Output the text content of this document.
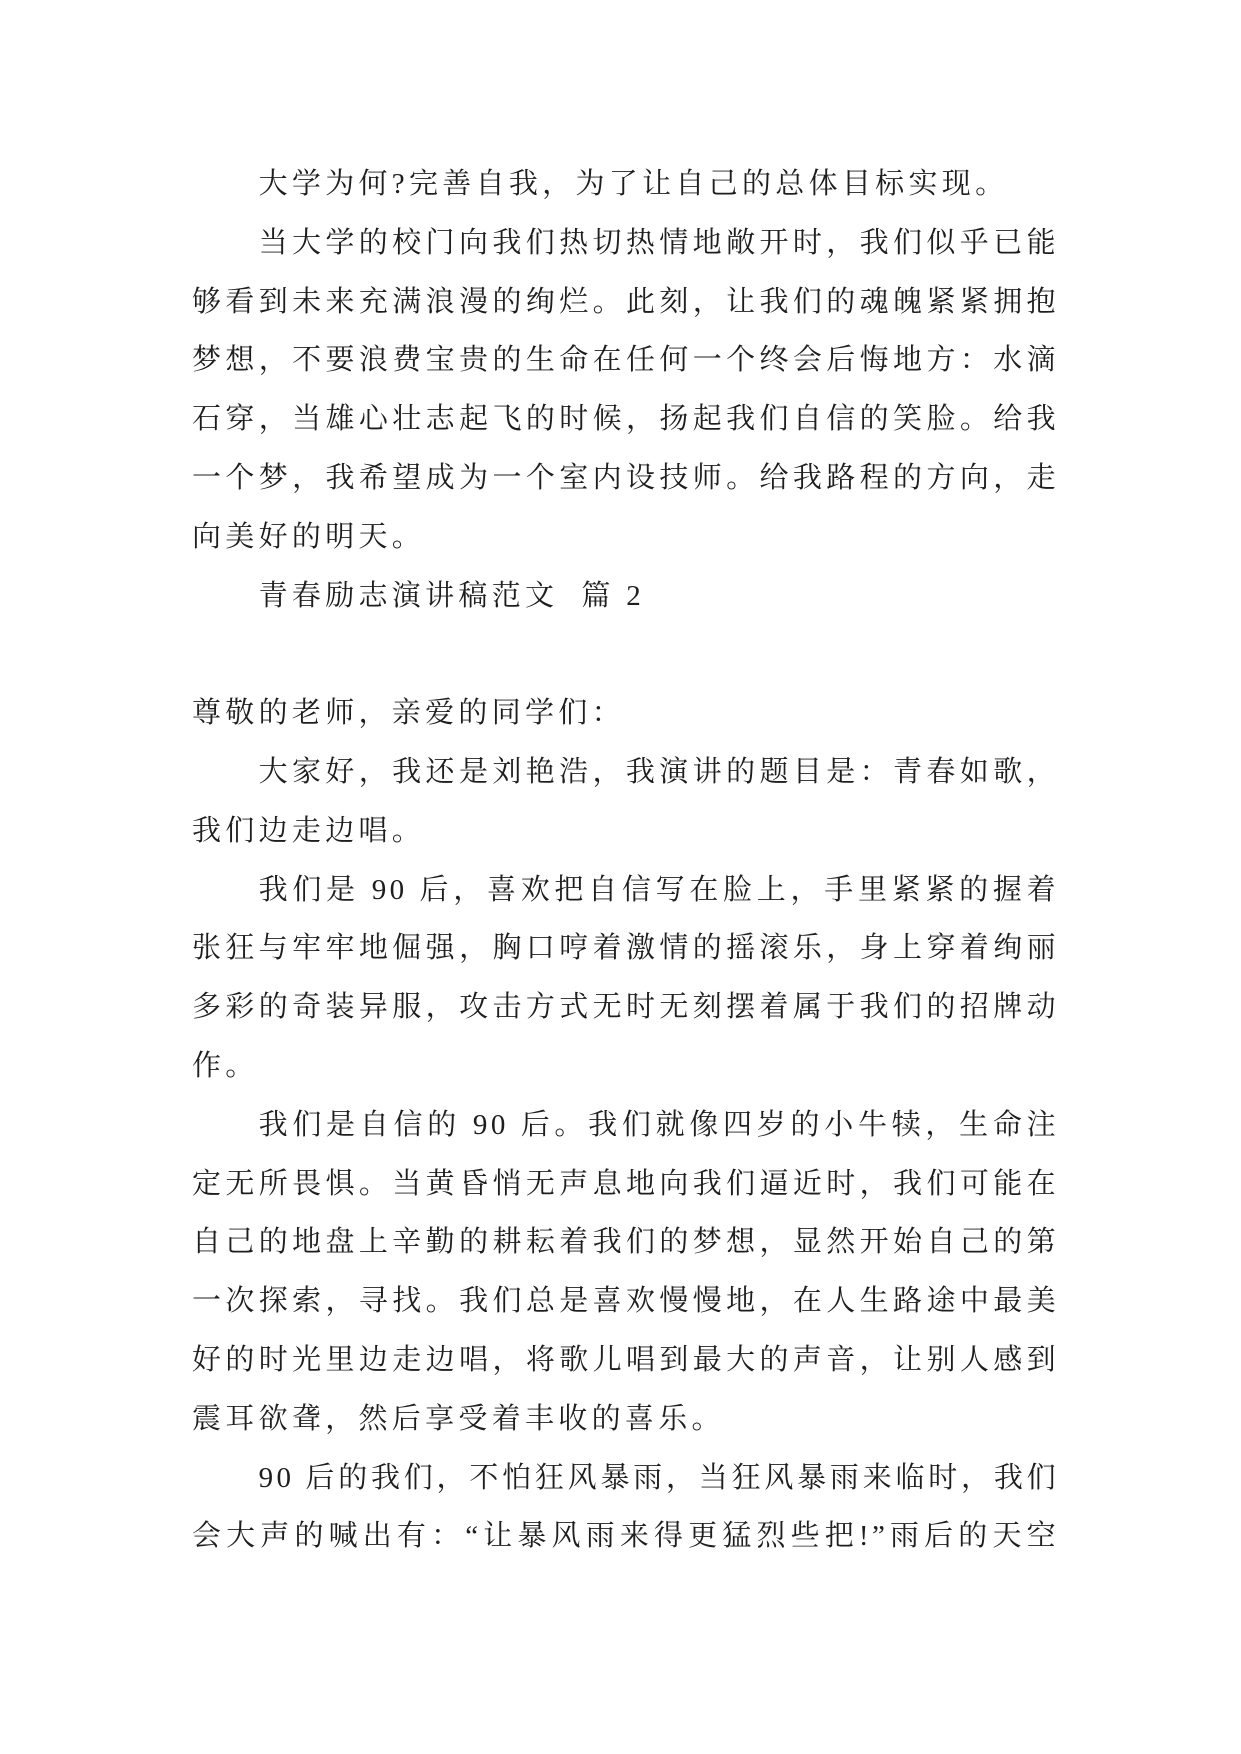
大学为何?完善自我，为了让自己的总体目标实现。
当大学的校门向我们热切热情地敞开时，我们似乎已能
够看到未来充满浪漫的绚烂。此刻，让我们的魂魄紧紧拥抱
梦想，不要浪费宝贵的生命在任何一个终会后悔地方：水滴
石穿，当雄心壮志起飞的时候，扬起我们自信的笑脸。给我
一个梦，我希望成为一个室内设技师。给我路程的方向，走
向美好的明天。
青春励志演讲稿范文  篇 2
尊敬的老师，亲爱的同学们：
大家好，我还是刘艳浩，我演讲的题目是：青春如歌，
我们边走边唱。
我们是 90 后，喜欢把自信写在脸上，手里紧紧的握着
张狂与牢牢地倔强，胸口哼着激情的摇滚乐，身上穿着绚丽
多彩的奇装异服，攻击方式无时无刻摆着属于我们的招牌动
作。
我们是自信的 90 后。我们就像四岁的小牛犊，生命注
定无所畏惧。当黄昏悄无声息地向我们逼近时，我们可能在
自己的地盘上辛勤的耕耘着我们的梦想，显然开始自己的第
一次探索，寻找。我们总是喜欢慢慢地，在人生路途中最美
好的时光里边走边唱，将歌儿唱到最大的声音，让别人感到
震耳欲聋，然后享受着丰收的喜乐。
90 后的我们，不怕狂风暴雨，当狂风暴雨来临时，我们
会大声的喊出有：“让暴风雨来得更猛烈些把!”雨后的天空
